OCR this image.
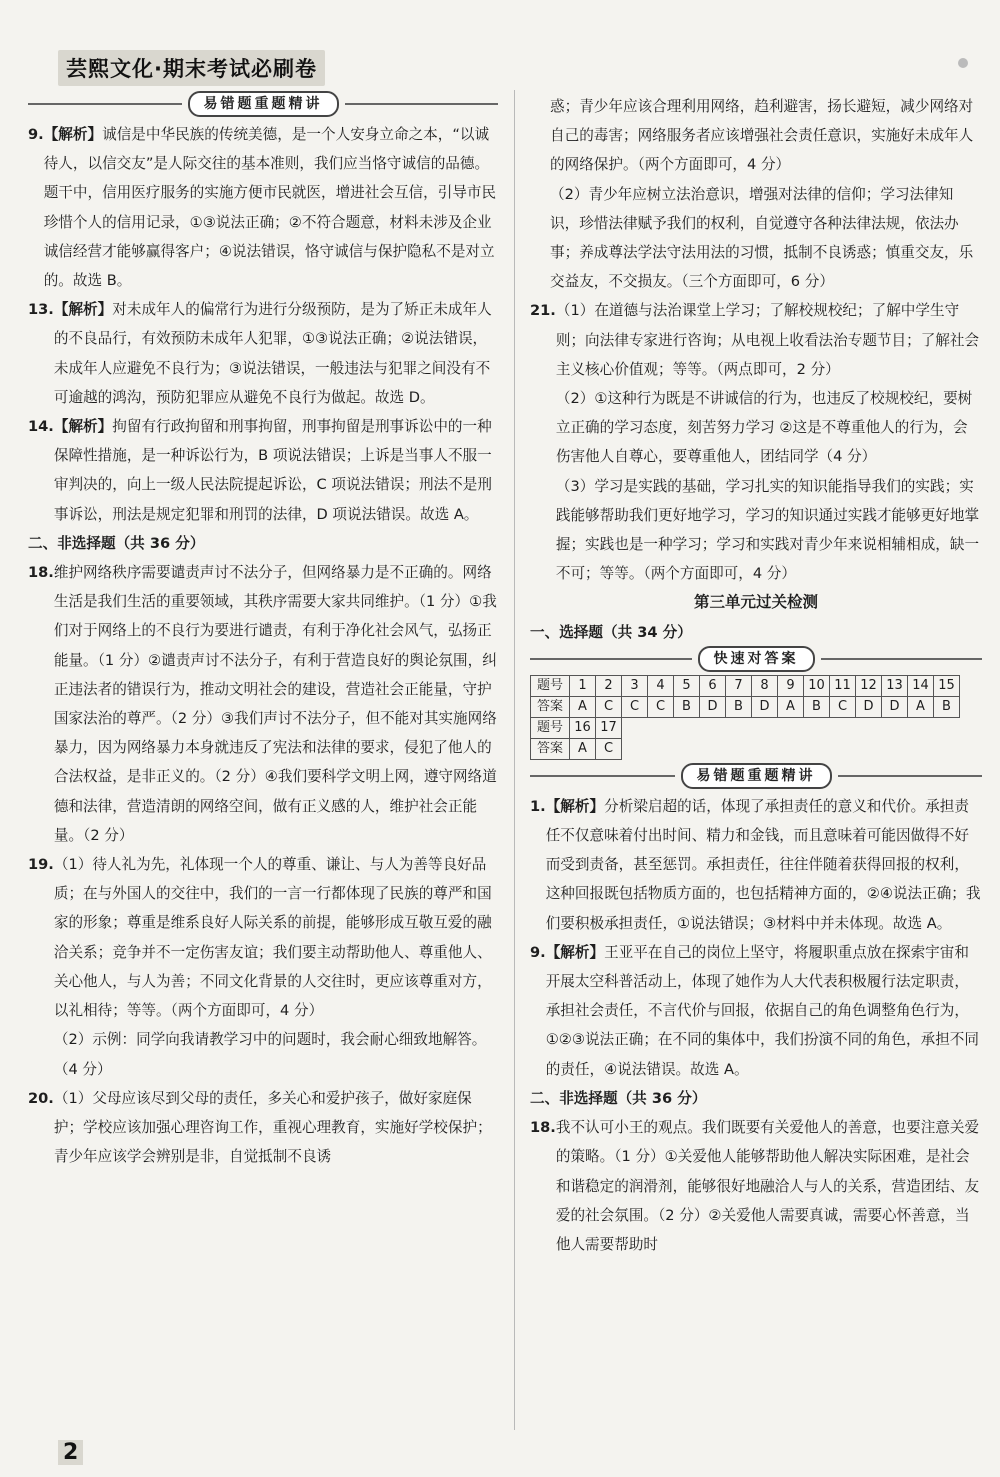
芸熙文化·期末考试必刷卷
易错题重题精讲
9. 【解析】诚信是中华民族的传统美德，是一个人安身立命之本，“以诚待人，以信交友”是人际交往的基本准则，我们应当恪守诚信的品德。题干中，信用医疗服务的实施方便市民就医，增进社会互信，引导市民珍惜个人的信用记录，①③说法正确；②不符合题意，材料未涉及企业诚信经营才能够赢得客户；④说法错误，恪守诚信与保护隐私不是对立的。故选 B。
13. 【解析】对未成年人的偏常行为进行分级预防，是为了矫正未成年人的不良品行，有效预防未成年人犯罪，①③说法正确；②说法错误，未成年人应避免不良行为；③说法错误，一般违法与犯罪之间没有不可逾越的鸿沟，预防犯罪应从避免不良行为做起。故选 D。
14. 【解析】拘留有行政拘留和刑事拘留，刑事拘留是刑事诉讼中的一种保障性措施，是一种诉讼行为，B 项说法错误；上诉是当事人不服一审判决的，向上一级人民法院提起诉讼，C 项说法错误；刑法不是刑事诉讼，刑法是规定犯罪和刑罚的法律，D 项说法错误。故选 A。
二、非选择题（共 36 分）
18. 维护网络秩序需要谴责声讨不法分子，但网络暴力是不正确的。网络生活是我们生活的重要领域，其秩序需要大家共同维护。（1 分）①我们对于网络上的不良行为要进行谴责，有利于净化社会风气，弘扬正能量。（1 分）②谴责声讨不法分子，有利于营造良好的舆论氛围，纠正违法者的错误行为，推动文明社会的建设，营造社会正能量，守护国家法治的尊严。（2 分）③我们声讨不法分子，但不能对其实施网络暴力，因为网络暴力本身就违反了宪法和法律的要求，侵犯了他人的合法权益，是非正义的。（2 分）④我们要科学文明上网，遵守网络道德和法律，营造清朗的网络空间，做有正义感的人，维护社会正能量。（2 分）
19. （1）待人礼为先，礼体现一个人的尊重、谦让、与人为善等良好品质；在与外国人的交往中，我们的一言一行都体现了民族的尊严和国家的形象；尊重是维系良好人际关系的前提，能够形成互敬互爱的融洽关系；竞争并不一定伤害友谊；我们要主动帮助他人、尊重他人、关心他人，与人为善；不同文化背景的人交往时，更应该尊重对方，以礼相待；等等。（两个方面即可，4 分）
（2）示例：同学向我请教学习中的问题时，我会耐心细致地解答。（4 分）
20. （1）父母应该尽到父母的责任，多关心和爱护孩子，做好家庭保护；学校应该加强心理咨询工作，重视心理教育，实施好学校保护；青少年应该学会辨别是非，自觉抵制不良诱
惑；青少年应该合理利用网络，趋利避害，扬长避短，减少网络对自己的毒害；网络服务者应该增强社会责任意识，实施好未成年人的网络保护。（两个方面即可，4 分）
（2）青少年应树立法治意识，增强对法律的信仰；学习法律知识，珍惜法律赋予我们的权利，自觉遵守各种法律法规，依法办事；养成尊法学法守法用法的习惯，抵制不良诱惑；慎重交友，乐交益友，不交损友。（三个方面即可，6 分）
21. （1）在道德与法治课堂上学习；了解校规校纪；了解中学生守则；向法律专家进行咨询；从电视上收看法治专题节目；了解社会主义核心价值观；等等。（两点即可，2 分）
（2）①这种行为既是不讲诚信的行为，也违反了校规校纪，要树立正确的学习态度，刻苦努力学习 ②这是不尊重他人的行为，会伤害他人自尊心，要尊重他人，团结同学（4 分）
（3）学习是实践的基础，学习扎实的知识能指导我们的实践；实践能够帮助我们更好地学习，学习的知识通过实践才能够更好地掌握；实践也是一种学习；学习和实践对青少年来说相辅相成，缺一不可；等等。（两个方面即可，4 分）
第三单元过关检测
一、选择题（共 34 分）
快速对答案
题号	1	2	3	4	5	6	7	8	9	10	11	12	13	14	15
答案	A	C	C	C	B	D	B	D	A	B	C	D	D	A	B
题号	16	17													
答案	A	C													
易错题重题精讲
1. 【解析】分析梁启超的话，体现了承担责任的意义和代价。承担责任不仅意味着付出时间、精力和金钱，而且意味着可能因做得不好而受到责备，甚至惩罚。承担责任，往往伴随着获得回报的权利，这种回报既包括物质方面的，也包括精神方面的，②④说法正确；我们要积极承担责任，①说法错误；③材料中并未体现。故选 A。
9. 【解析】王亚平在自己的岗位上坚守，将履职重点放在探索宇宙和开展太空科普活动上，体现了她作为人大代表积极履行法定职责，承担社会责任，不言代价与回报，依据自己的角色调整角色行为，①②③说法正确；在不同的集体中，我们扮演不同的角色，承担不同的责任，④说法错误。故选 A。
二、非选择题（共 36 分）
18. 我不认可小王的观点。我们既要有关爱他人的善意，也要注意关爱的策略。（1 分）①关爱他人能够帮助他人解决实际困难，是社会和谐稳定的润滑剂，能够很好地融洽人与人的关系，营造团结、友爱的社会氛围。（2 分）②关爱他人需要真诚，需要心怀善意，当他人需要帮助时
2
